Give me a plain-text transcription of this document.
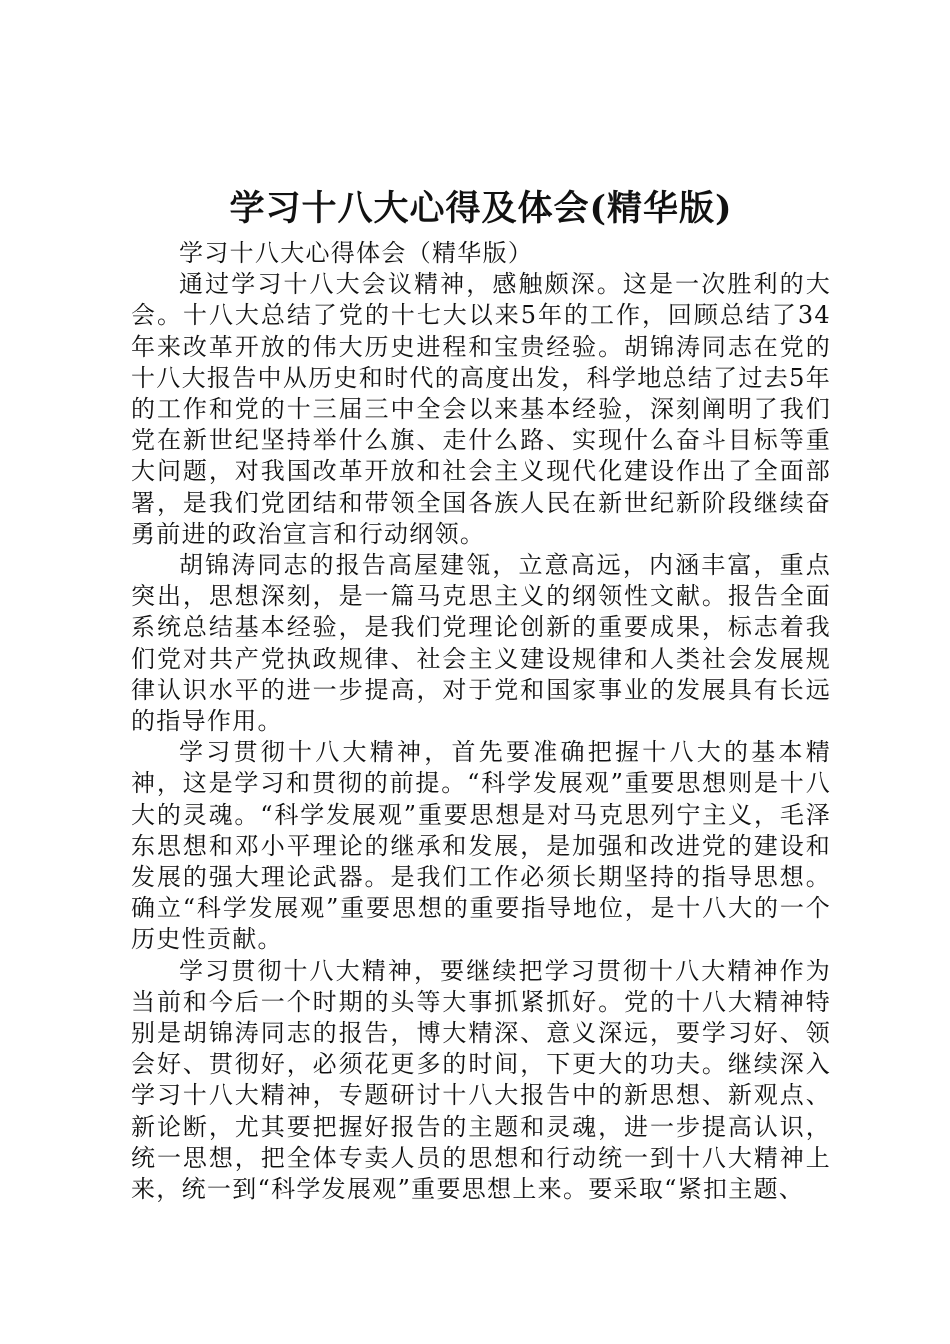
学习十八大心得及体会(精华版)

学习十八大心得体会（精华版）

通过学习十八大会议精神，感触颇深。这是一次胜利的大会。十八大总结了党的十七大以来5年的工作，回顾总结了34年来改革开放的伟大历史进程和宝贵经验。胡锦涛同志在党的十八大报告中从历史和时代的高度出发，科学地总结了过去5年的工作和党的十三届三中全会以来基本经验，深刻阐明了我们党在新世纪坚持举什么旗、走什么路、实现什么奋斗目标等重大问题，对我国改革开放和社会主义现代化建设作出了全面部署，是我们党团结和带领全国各族人民在新世纪新阶段继续奋勇前进的政治宣言和行动纲领。

胡锦涛同志的报告高屋建瓴，立意高远，内涵丰富，重点突出，思想深刻，是一篇马克思主义的纲领性文献。报告全面系统总结基本经验，是我们党理论创新的重要成果，标志着我们党对共产党执政规律、社会主义建设规律和人类社会发展规律认识水平的进一步提高，对于党和国家事业的发展具有长远的指导作用。

学习贯彻十八大精神，首先要准确把握十八大的基本精神，这是学习和贯彻的前提。“科学发展观”重要思想则是十八大的灵魂。“科学发展观”重要思想是对马克思列宁主义，毛泽东思想和邓小平理论的继承和发展，是加强和改进党的建设和发展的强大理论武器。是我们工作必须长期坚持的指导思想。确立“科学发展观”重要思想的重要指导地位，是十八大的一个历史性贡献。

学习贯彻十八大精神，要继续把学习贯彻十八大精神作为当前和今后一个时期的头等大事抓紧抓好。党的十八大精神特别是胡锦涛同志的报告，博大精深、意义深远，要学习好、领会好、贯彻好，必须花更多的时间，下更大的功夫。继续深入学习十八大精神，专题研讨十八大报告中的新思想、新观点、新论断，尤其要把握好报告的主题和灵魂，进一步提高认识，统一思想，把全体专卖人员的思想和行动统一到十八大精神上来，统一到“科学发展观”重要思想上来。要采取“紧扣主题、
